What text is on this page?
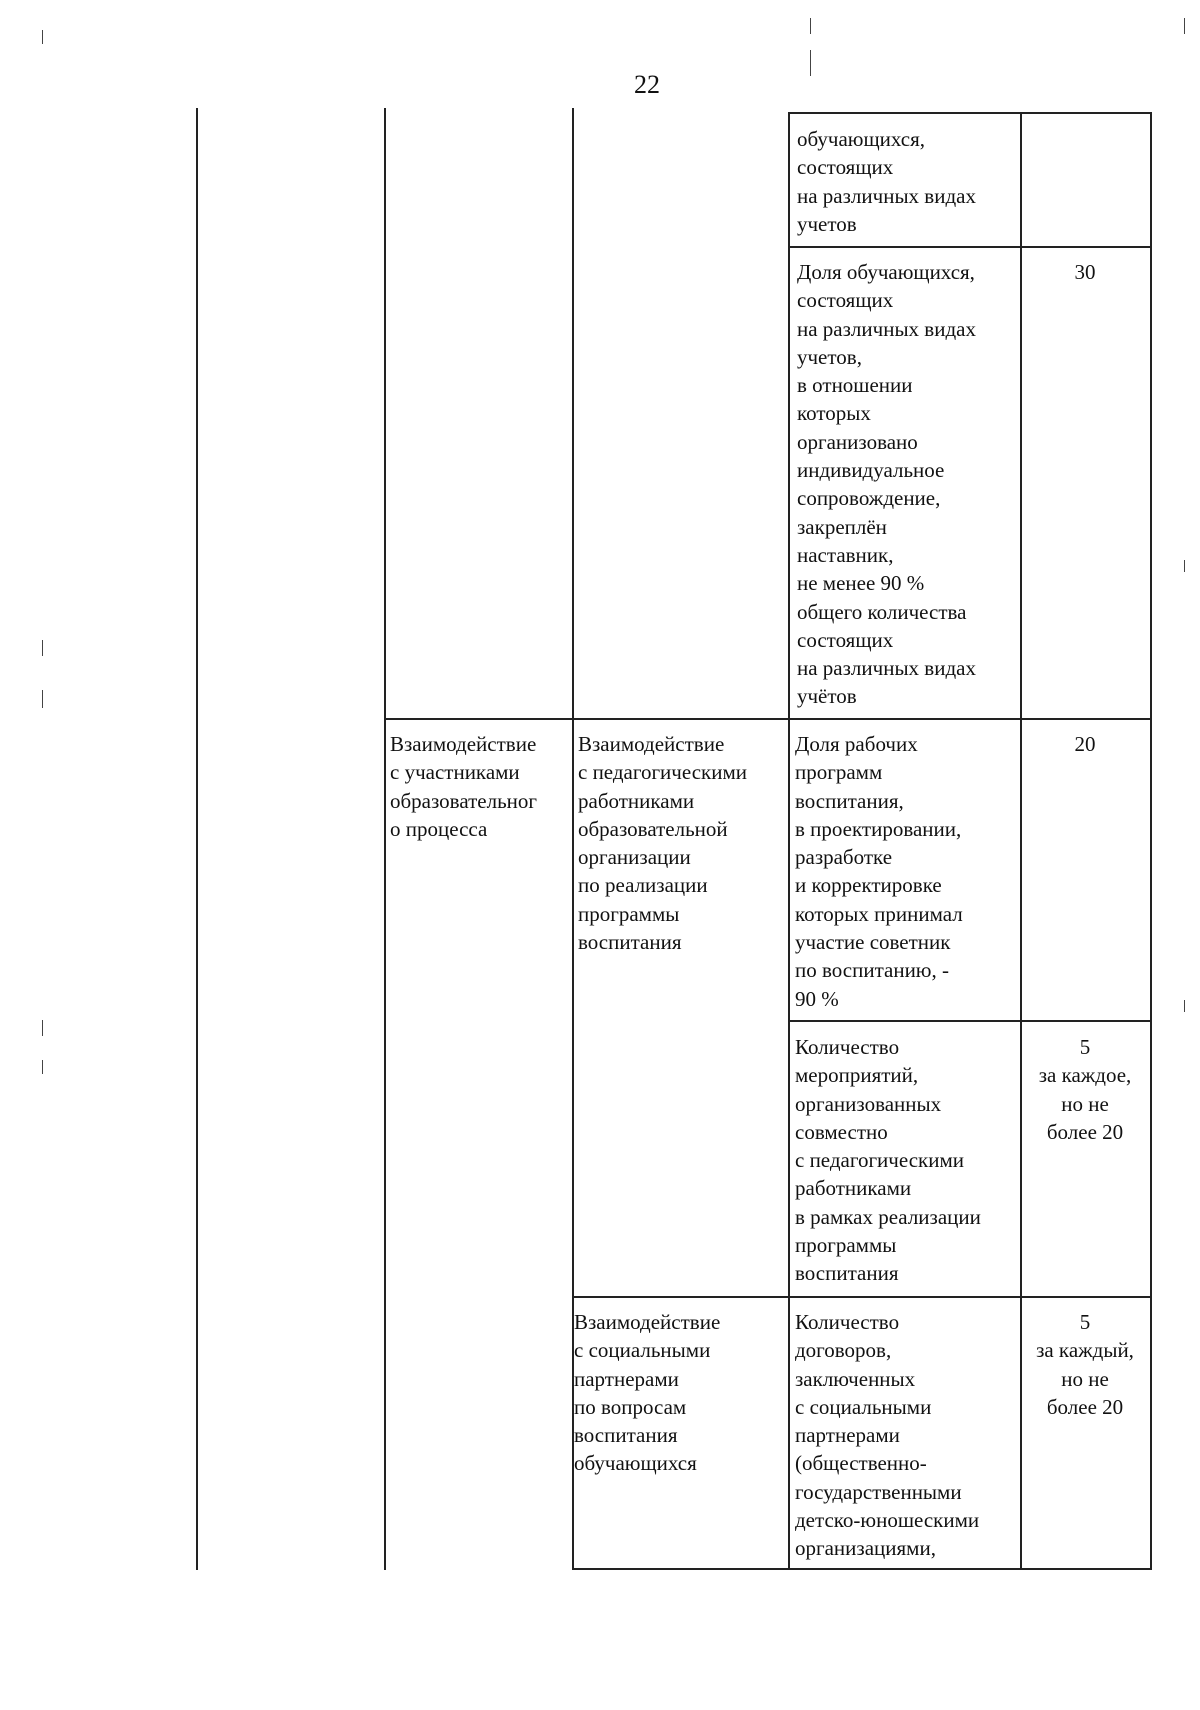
22
обучающихся,
состоящих
на различных видах
учетов
Доля обучающихся,
состоящих
на различных видах
учетов,
в отношении
которых
организовано
индивидуальное
сопровождение,
закреплён
наставник,
не менее 90 %
общего количества
состоящих
на различных видах
учётов
30
Взаимодействие
с участниками
образовательног
о процесса
Взаимодействие
с педагогическими
работниками
образовательной
организации
по реализации
программы
воспитания
Доля рабочих
программ
воспитания,
в проектировании,
разработке
и корректировке
которых принимал
участие советник
по воспитанию, -
90 %
20
Количество
мероприятий,
организованных
совместно
с педагогическими
работниками
в рамках реализации
программы
воспитания
5
за каждое,
но не
более 20
Взаимодействие
с социальными
партнерами
по вопросам
воспитания
обучающихся
Количество
договоров,
заключенных
с социальными
партнерами
(общественно-
государственными
детско-юношескими
организациями,
5
за каждый,
но не
более 20
